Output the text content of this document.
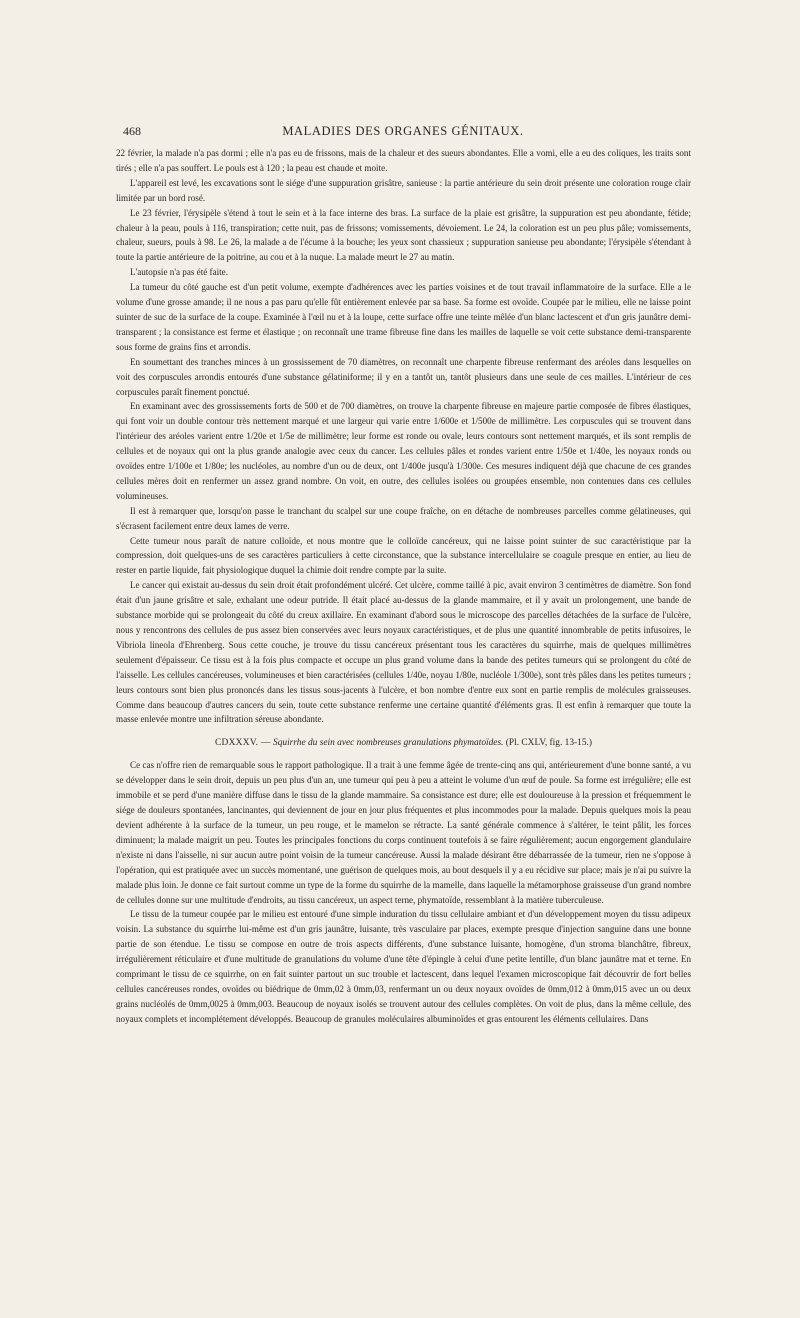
468	MALADIES DES ORGANES GÉNITAUX.

22 février, la malade n'a pas dormi ; elle n'a pas eu de frissons, mais de la chaleur et des sueurs abondantes. Elle a vomi, elle a eu des coliques, les traits sont tirés ; elle n'a pas souffert. Le pouls est à 120 ; la peau est chaude et moite.

L'appareil est levé, les excavations sont le siége d'une suppuration grisâtre, sanieuse : la partie antérieure du sein droit présente une coloration rouge clair limitée par un bord rosé.

Le 23 février, l'érysipèle s'étend à tout le sein et à la face interne des bras. La surface de la plaie est grisâtre, la suppuration est peu abondante, fétide; chaleur à la peau, pouls à 116, transpiration; cette nuit, pas de frissons; vomissements, dévoiement. Le 24, la coloration est un peu plus pâle; vomissements, chaleur, sueurs, pouls à 98. Le 26, la malade a de l'écume à la bouche; les yeux sont chassieux ; suppuration sanieuse peu abondante; l'érysipèle s'étendant à toute la partie antérieure de la poitrine, au cou et à la nuque. La malade meurt le 27 au matin.

L'autopsie n'a pas été faite.

La tumeur du côté gauche est d'un petit volume, exempte d'adhérences avec les parties voisines et de tout travail inflammatoire de la surface. Elle a le volume d'une grosse amande; il ne nous a pas paru qu'elle fût entièrement enlevée par sa base. Sa forme est ovoïde. Coupée par le milieu, elle ne laisse point suinter de suc de la surface de la coupe. Examinée à l'œil nu et à la loupe, cette surface offre une teinte mêlée d'un blanc lactescent et d'un gris jaunâtre demi-transparent ; la consistance est ferme et élastique ; on reconnaît une trame fibreuse fine dans les mailles de laquelle se voit cette substance demi-transparente sous forme de grains fins et arrondis.

En soumettant des tranches minces à un grossissement de 70 diamètres, on reconnaît une charpente fibreuse renfermant des aréoles dans lesquelles on voit des corpuscules arrondis entourés d'une substance gélatiniforme; il y en a tantôt un, tantôt plusieurs dans une seule de ces mailles. L'intérieur de ces corpuscules paraît finement ponctué.

En examinant avec des grossissements forts de 500 et de 700 diamètres, on trouve la charpente fibreuse en majeure partie composée de fibres élastiques, qui font voir un double contour très nettement marqué et une largeur qui varie entre 1/600e et 1/500e de millimètre. Les corpuscules qui se trouvent dans l'intérieur des aréoles varient entre 1/20e et 1/5e de millimètre; leur forme est ronde ou ovale, leurs contours sont nettement marqués, et ils sont remplis de cellules et de noyaux qui ont la plus grande analogie avec ceux du cancer. Les cellules pâles et rondes varient entre 1/50e et 1/40e, les noyaux ronds ou ovoïdes entre 1/100e et 1/80e; les nucléoles, au nombre d'un ou de deux, ont 1/400e jusqu'à 1/300e. Ces mesures indiquent déjà que chacune de ces grandes cellules mères doit en renfermer un assez grand nombre. On voit, en outre, des cellules isolées ou groupées ensemble, non contenues dans ces cellules volumineuses.

Il est à remarquer que, lorsqu'on passe le tranchant du scalpel sur une coupe fraîche, on en détache de nombreuses parcelles comme gélatineuses, qui s'écrasent facilement entre deux lames de verre.

Cette tumeur nous paraît de nature colloïde, et nous montre que le colloïde cancéreux, qui ne laisse point suinter de suc caractéristique par la compression, doit quelques-uns de ses caractères particuliers à cette circonstance, que la substance intercellulaire se coagule presque en entier, au lieu de rester en partie liquide, fait physiologique duquel la chimie doit rendre compte par la suite.

Le cancer qui existait au-dessus du sein droit était profondément ulcéré. Cet ulcère, comme taillé à pic, avait environ 3 centimètres de diamètre. Son fond était d'un jaune grisâtre et sale, exhalant une odeur putride. Il était placé au-dessus de la glande mammaire, et il y avait un prolongement, une bande de substance morbide qui se prolongeait du côté du creux axillaire. En examinant d'abord sous le microscope des parcelles détachées de la surface de l'ulcère, nous y rencontrons des cellules de pus assez bien conservées avec leurs noyaux caractéristiques, et de plus une quantité innombrable de petits infusoires, le Vibriola lineola d'Ehrenberg. Sous cette couche, je trouve du tissu cancéreux présentant tous les caractères du squirrhe, mais de quelques millimètres seulement d'épaisseur. Ce tissu est à la fois plus compacte et occupe un plus grand volume dans la bande des petites tumeurs qui se prolongent du côté de l'aisselle. Les cellules cancéreuses, volumineuses et bien caractérisées (cellules 1/40e, noyau 1/80e, nucléole 1/300e), sont très pâles dans les petites tumeurs ; leurs contours sont bien plus prononcés dans les tissus sous-jacents à l'ulcère, et bon nombre d'entre eux sont en partie remplis de molécules graisseuses. Comme dans beaucoup d'autres cancers du sein, toute cette substance renferme une certaine quantité d'éléments gras. Il est enfin à remarquer que toute la masse enlevée montre une infiltration séreuse abondante.

CDXXXV. — Squirrhe du sein avec nombreuses granulations phymatoïdes. (Pl. CXLV, fig. 13-15.)

Ce cas n'offre rien de remarquable sous le rapport pathologique. Il a trait à une femme âgée de trente-cinq ans qui, antérieurement d'une bonne santé, a vu se développer dans le sein droit, depuis un peu plus d'un an, une tumeur qui peu à peu a atteint le volume d'un œuf de poule. Sa forme est irrégulière; elle est immobile et se perd d'une manière diffuse dans le tissu de la glande mammaire. Sa consistance est dure; elle est douloureuse à la pression et fréquemment le siége de douleurs spontanées, lancinantes, qui deviennent de jour en jour plus fréquentes et plus incommodes pour la malade. Depuis quelques mois la peau devient adhérente à la surface de la tumeur, un peu rouge, et le mamelon se rétracte. La santé générale commence à s'altérer, le teint pâlit, les forces diminuent; la malade maigrit un peu. Toutes les principales fonctions du corps continuent toutefois à se faire régulièrement; aucun engorgement glandulaire n'existe ni dans l'aisselle, ni sur aucun autre point voisin de la tumeur cancéreuse. Aussi la malade désirant être débarrassée de la tumeur, rien ne s'oppose à l'opération, qui est pratiquée avec un succès momentané, une guérison de quelques mois, au bout desquels il y a eu récidive sur place; mais je n'ai pu suivre la malade plus loin. Je donne ce fait surtout comme un type de la forme du squirrhe de la mamelle, dans laquelle la métamorphose graisseuse d'un grand nombre de cellules donne sur une multitude d'endroits, au tissu cancéreux, un aspect terne, phymatoïde, ressemblant à la matière tuberculeuse.

Le tissu de la tumeur coupée par le milieu est entouré d'une simple induration du tissu cellulaire ambiant et d'un développement moyen du tissu adipeux voisin. La substance du squirrhe lui-même est d'un gris jaunâtre, luisante, très vasculaire par places, exempte presque d'injection sanguine dans une bonne partie de son étendue. Le tissu se compose en outre de trois aspects différents, d'une substance luisante, homogène, d'un stroma blanchâtre, fibreux, irrégulièrement réticulaire et d'une multitude de granulations du volume d'une tête d'épingle à celui d'une petite lentille, d'un blanc jaunâtre mat et terne. En comprimant le tissu de ce squirrhe, on en fait suinter partout un suc trouble et lactescent, dans lequel l'examen microscopique fait découvrir de fort belles cellules cancéreuses rondes, ovoïdes ou biédrique de 0mm,02 à 0mm,03, renfermant un ou deux noyaux ovoïdes de 0mm,012 à 0mm,015 avec un ou deux grains nucléolés de 0mm,0025 à 0mm,003. Beaucoup de noyaux isolés se trouvent autour des cellules complètes. On voit de plus, dans la même cellule, des noyaux complets et incomplétement développés. Beaucoup de granules moléculaires albuminoïdes et gras entourent les éléments cellulaires. Dans
